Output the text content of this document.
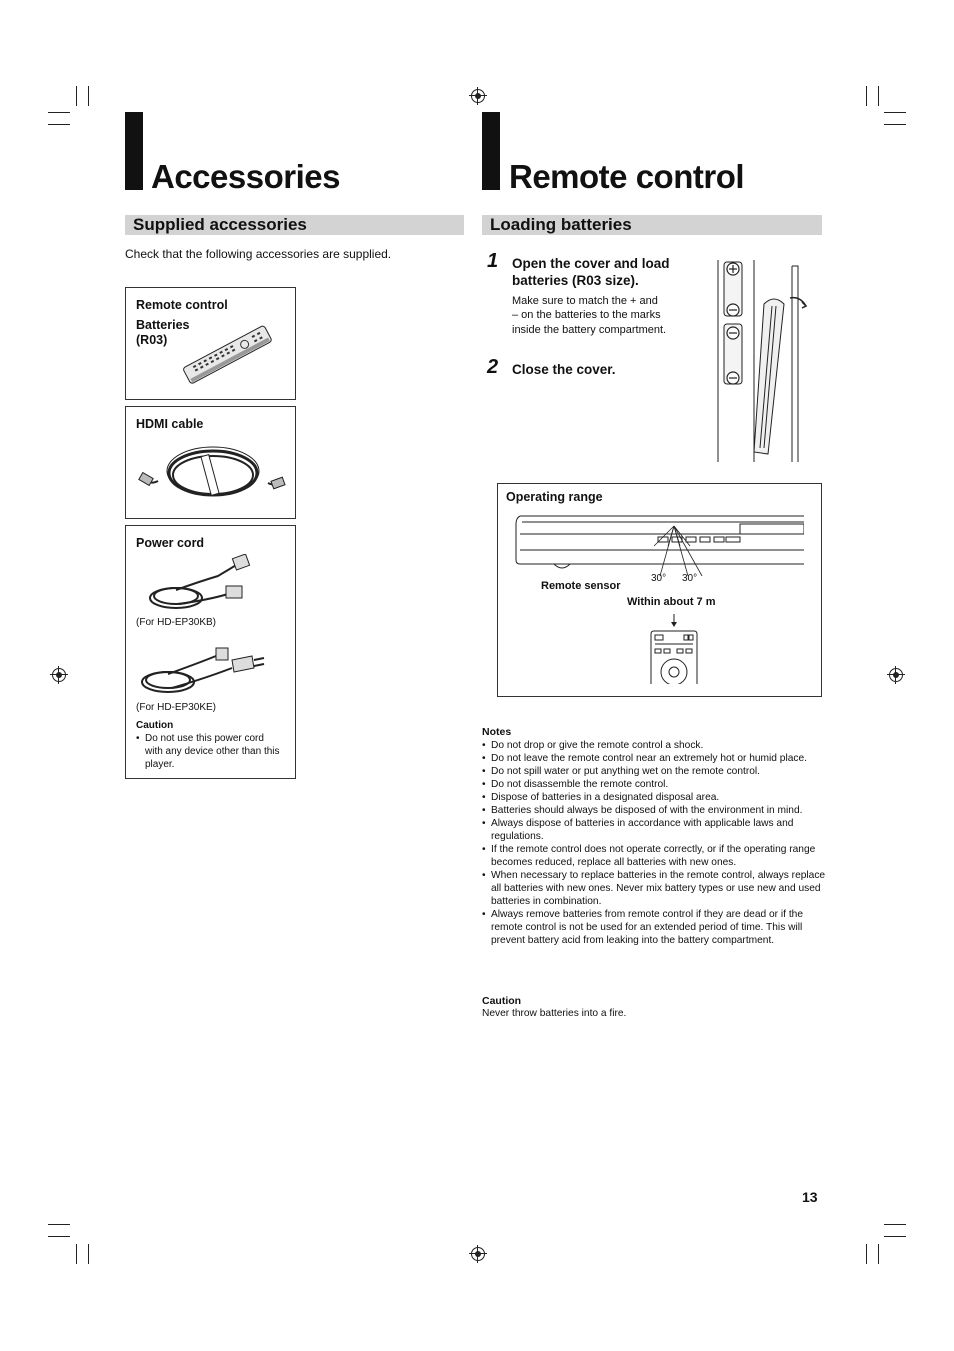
Accessories
Supplied accessories
Check that the following accessories are supplied.
Remote control
Batteries
(R03)
HDMI cable
Power cord
(For HD-EP30KB)
(For HD-EP30KE)
Caution
• Do not use this power cord
with any device other than this
player.
Remote control
Loading batteries
1 Open the cover and load
batteries (R03 size).
Make sure to match the + and
– on the batteries to the marks
inside the battery compartment.
2 Close the cover.
Operating range
30° 30°
Remote sensor
Within about 7 m
Notes
• Do not drop or give the remote control a shock.
• Do not leave the remote control near an extremely hot or humid place.
• Do not spill water or put anything wet on the remote control.
• Do not disassemble the remote control.
• Dispose of batteries in a designated disposal area.
• Batteries should always be disposed of with the environment in mind.
• Always dispose of batteries in accordance with applicable laws and regulations.
• If the remote control does not operate correctly, or if the operating range becomes reduced, replace all batteries with new ones.
• When necessary to replace batteries in the remote control, always replace all batteries with new ones. Never mix battery types or use new and used batteries in combination.
• Always remove batteries from remote control if they are dead or if the remote control is not be used for an extended period of time. This will prevent battery acid from leaking into the battery compartment.
Caution
Never throw batteries into a fire.
13
